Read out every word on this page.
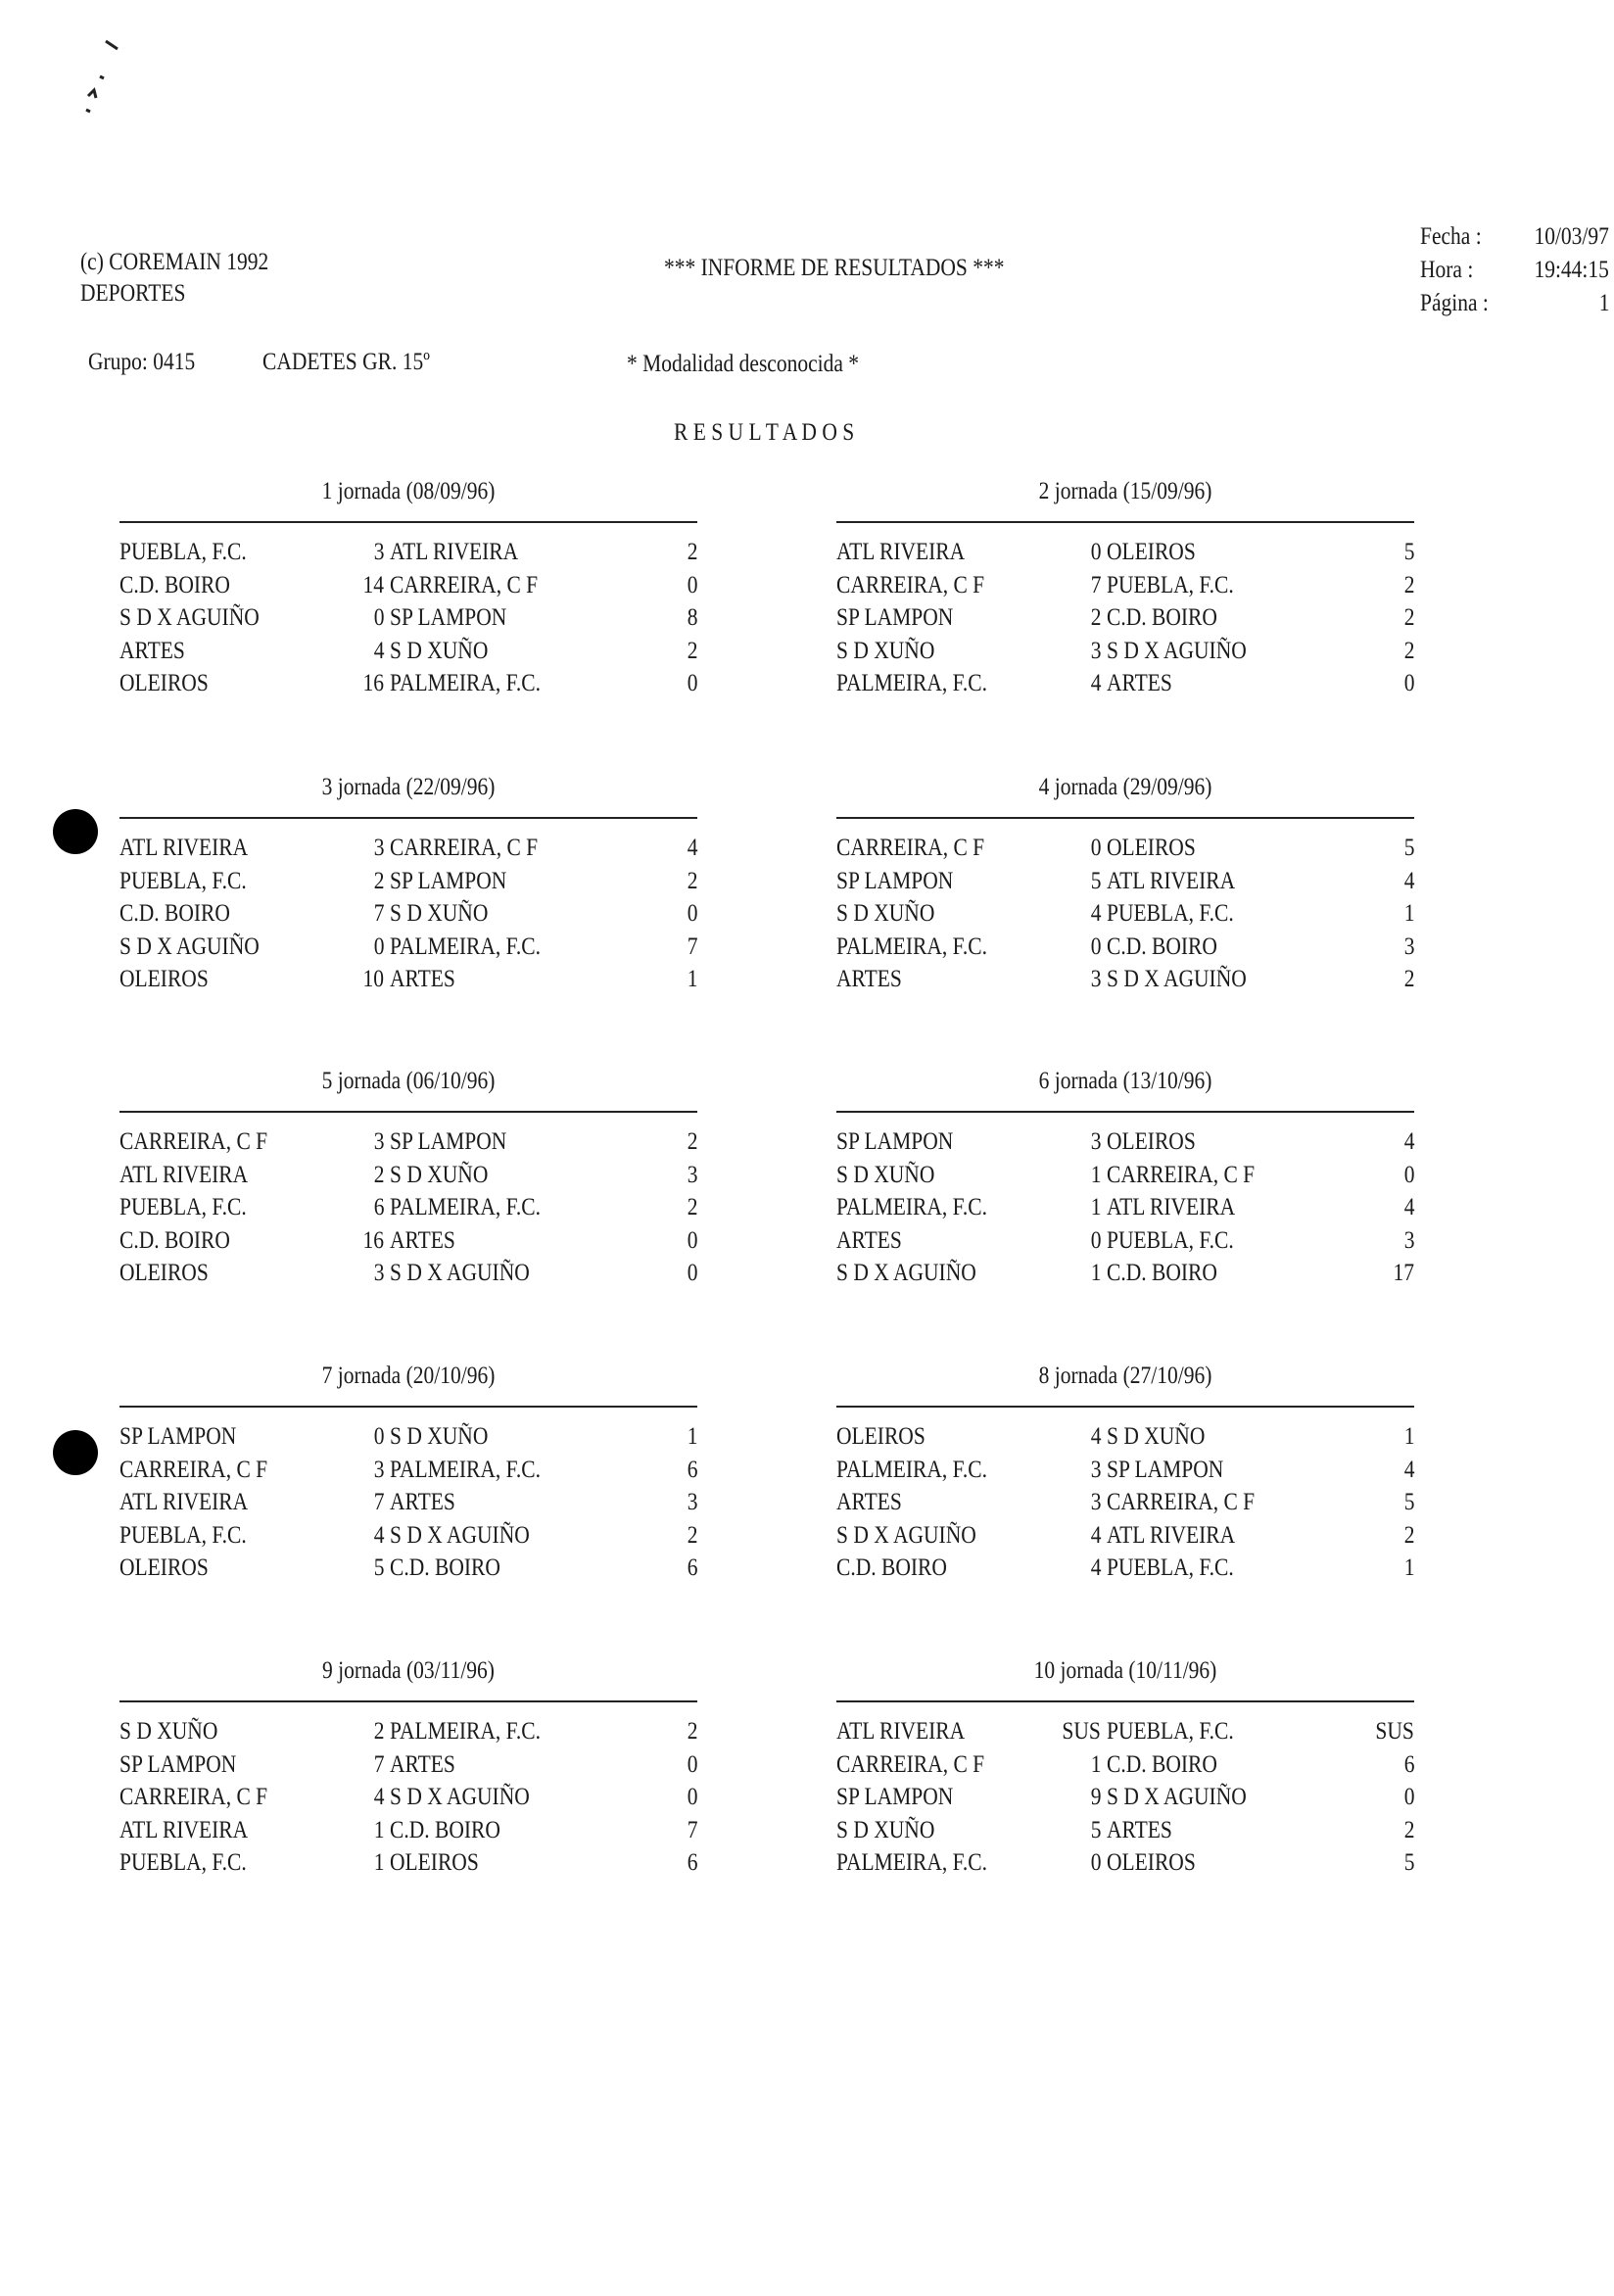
(c) COREMAIN 1992
DEPORTES
*** INFORME DE RESULTADOS ***
Fecha : 10/03/97
Hora : 19:44:15
Página :	1
Grupo: 0415	CADETES GR. 15º	* Modalidad desconocida *
R E S U L T A D O S
1 jornada (08/09/96)
PUEBLA, F.C.	3 ATL RIVEIRA	2
C.D. BOIRO	14 CARREIRA, C F	0
S D X AGUIÑO	0 SP LAMPON	8
ARTES	4 S D XUÑO	2
OLEIROS	16 PALMEIRA, F.C.	0
2 jornada (15/09/96)
ATL RIVEIRA	0 OLEIROS	5
CARREIRA, C F	7 PUEBLA, F.C.	2
SP LAMPON	2 C.D. BOIRO	2
S D XUÑO	3 S D X AGUIÑO	2
PALMEIRA, F.C.	4 ARTES	0
3 jornada (22/09/96)
ATL RIVEIRA	3 CARREIRA, C F	4
PUEBLA, F.C.	2 SP LAMPON	2
C.D. BOIRO	7 S D XUÑO	0
S D X AGUIÑO	0 PALMEIRA, F.C.	7
OLEIROS	10 ARTES	1
4 jornada (29/09/96)
CARREIRA, C F	0 OLEIROS	5
SP LAMPON	5 ATL RIVEIRA	4
S D XUÑO	4 PUEBLA, F.C.	1
PALMEIRA, F.C.	0 C.D. BOIRO	3
ARTES	3 S D X AGUIÑO	2
5 jornada (06/10/96)
CARREIRA, C F	3 SP LAMPON	2
ATL RIVEIRA	2 S D XUÑO	3
PUEBLA, F.C.	6 PALMEIRA, F.C.	2
C.D. BOIRO	16 ARTES	0
OLEIROS	3 S D X AGUIÑO	0
6 jornada (13/10/96)
SP LAMPON	3 OLEIROS	4
S D XUÑO	1 CARREIRA, C F	0
PALMEIRA, F.C.	1 ATL RIVEIRA	4
ARTES	0 PUEBLA, F.C.	3
S D X AGUIÑO	1 C.D. BOIRO	17
7 jornada (20/10/96)
SP LAMPON	0 S D XUÑO	1
CARREIRA, C F	3 PALMEIRA, F.C.	6
ATL RIVEIRA	7 ARTES	3
PUEBLA, F.C.	4 S D X AGUIÑO	2
OLEIROS	5 C.D. BOIRO	6
8 jornada (27/10/96)
OLEIROS	4 S D XUÑO	1
PALMEIRA, F.C.	3 SP LAMPON	4
ARTES	3 CARREIRA, C F	5
S D X AGUIÑO	4 ATL RIVEIRA	2
C.D. BOIRO	4 PUEBLA, F.C.	1
9 jornada (03/11/96)
S D XUÑO	2 PALMEIRA, F.C.	2
SP LAMPON	7 ARTES	0
CARREIRA, C F	4 S D X AGUIÑO	0
ATL RIVEIRA	1 C.D. BOIRO	7
PUEBLA, F.C.	1 OLEIROS	6
10 jornada (10/11/96)
ATL RIVEIRA	SUS PUEBLA, F.C.	SUS
CARREIRA, C F	1 C.D. BOIRO	6
SP LAMPON	9 S D X AGUIÑO	0
S D XUÑO	5 ARTES	2
PALMEIRA, F.C.	0 OLEIROS	5
